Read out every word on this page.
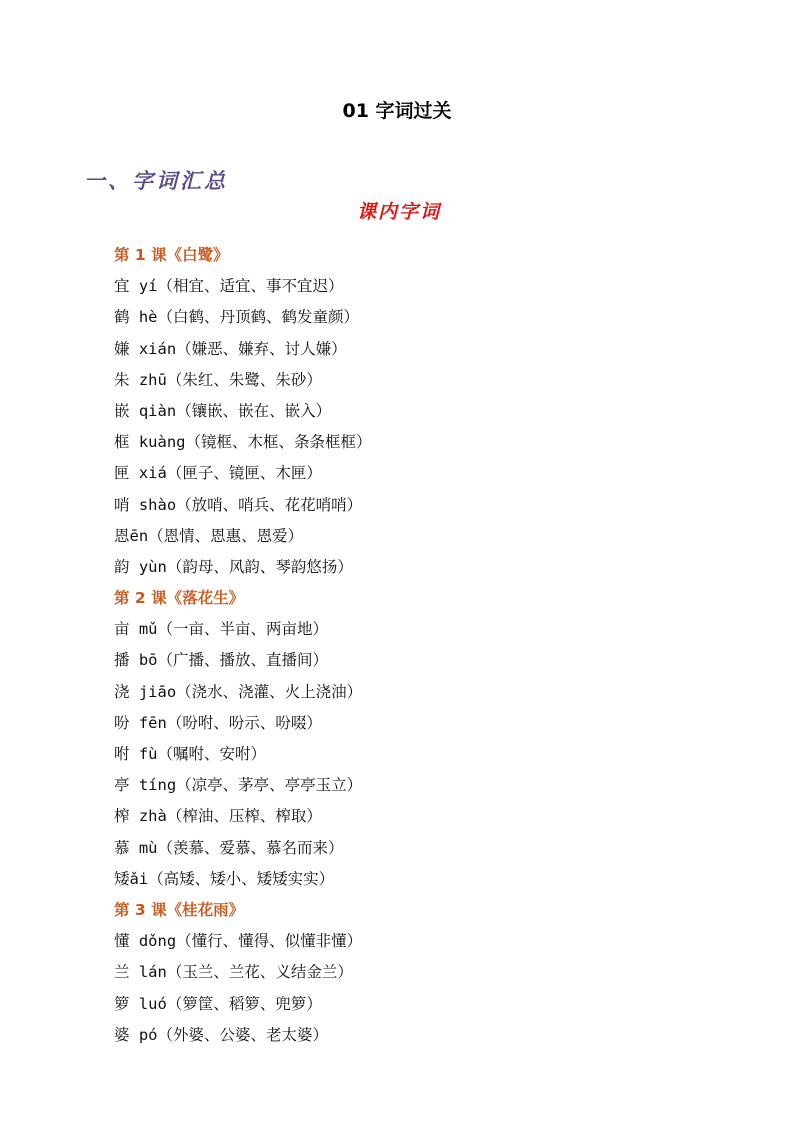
01 字词过关
一、字词汇总
课内字词
第 1 课《白鹭》
宜 yí（相宜、适宜、事不宜迟）
鹤 hè（白鹤、丹顶鹤、鹤发童颜）
嫌 xián（嫌恶、嫌弃、讨人嫌）
朱 zhū（朱红、朱鹭、朱砂）
嵌 qiàn（镶嵌、嵌在、嵌入）
框 kuàng（镜框、木框、条条框框）
匣 xiá（匣子、镜匣、木匣）
哨 shào（放哨、哨兵、花花哨哨）
恩ēn（恩情、恩惠、恩爱）
韵 yùn（韵母、风韵、琴韵悠扬）
第 2 课《落花生》
亩 mǔ（一亩、半亩、两亩地）
播 bō（广播、播放、直播间）
浇 jiāo（浇水、浇灌、火上浇油）
吩 fēn（吩咐、吩示、吩啜）
咐 fù（嘱咐、安咐）
亭 tíng（凉亭、茅亭、亭亭玉立）
榨 zhà（榨油、压榨、榨取）
慕 mù（羡慕、爱慕、慕名而来）
矮ǎi（高矮、矮小、矮矮实实）
第 3 课《桂花雨》
懂 dǒng（懂行、懂得、似懂非懂）
兰 lán（玉兰、兰花、义结金兰）
箩 luó（箩筐、稻箩、兜箩）
婆 pó（外婆、公婆、老太婆）
